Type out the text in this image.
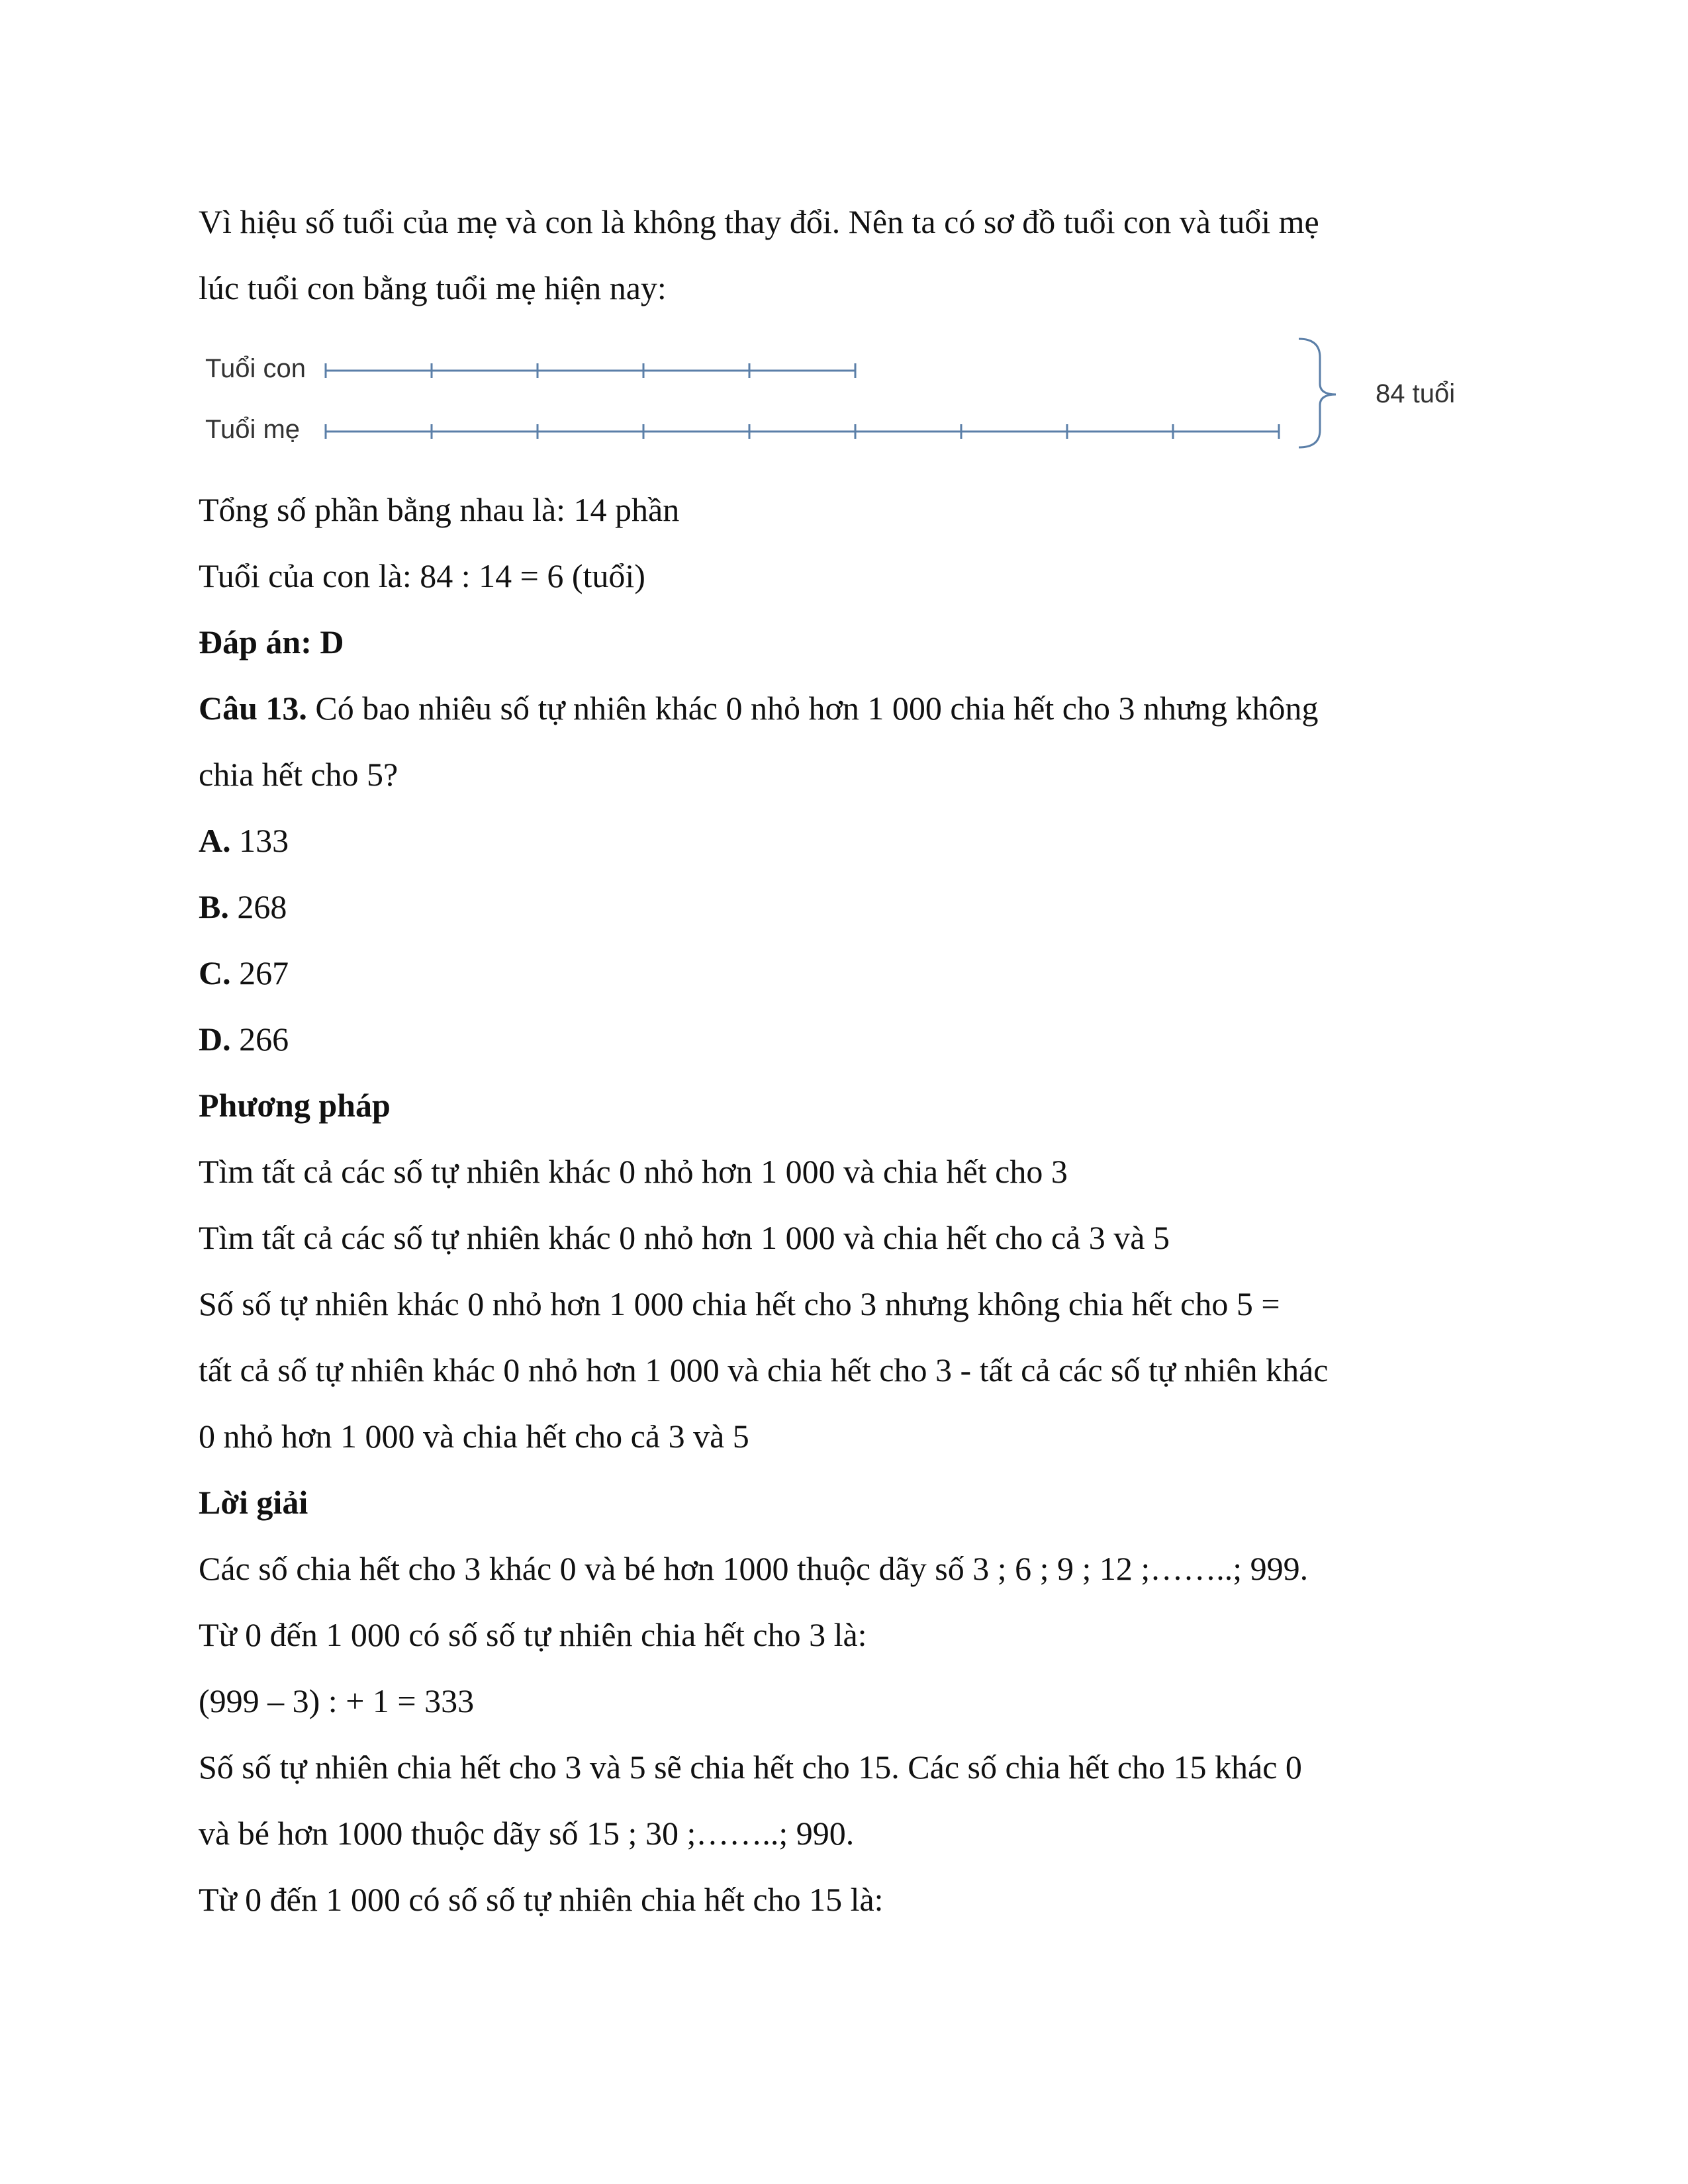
Vì hiệu số tuổi của mẹ và con là không thay đổi. Nên ta có sơ đồ tuổi con và tuổi mẹ
lúc tuổi con bằng tuổi mẹ hiện nay:
Tổng số phần bằng nhau là: 14 phần
Tuổi của con là: 84 : 14 = 6 (tuổi)
Đáp án: D
Câu 13. Có bao nhiêu số tự nhiên khác 0 nhỏ hơn 1 000 chia hết cho 3 nhưng không
chia hết cho 5?
A. 133
B. 268
C. 267
D. 266
Phương pháp
Tìm tất cả các số tự nhiên khác 0 nhỏ hơn 1 000 và chia hết cho 3
Tìm tất cả các số tự nhiên khác 0 nhỏ hơn 1 000 và chia hết cho cả 3 và 5
Số số tự nhiên khác 0 nhỏ hơn 1 000 chia hết cho 3 nhưng không chia hết cho 5 =
tất cả số tự nhiên khác 0 nhỏ hơn 1 000 và chia hết cho 3 - tất cả các số tự nhiên khác
0 nhỏ hơn 1 000 và chia hết cho cả 3 và 5
Lời giải
Các số chia hết cho 3 khác 0 và bé hơn 1000 thuộc dãy số 3 ; 6 ; 9 ; 12 ;……..; 999.
Từ 0 đến 1 000 có số số tự nhiên chia hết cho 3 là:
(999 – 3) : + 1 = 333
Số số tự nhiên chia hết cho 3 và 5 sẽ chia hết cho 15. Các số chia hết cho 15 khác 0
và bé hơn 1000 thuộc dãy số 15 ; 30 ;……..; 990.
Từ 0 đến 1 000 có số số tự nhiên chia hết cho 15 là:
Tuổi con
Tuổi mẹ
84 tuổi
